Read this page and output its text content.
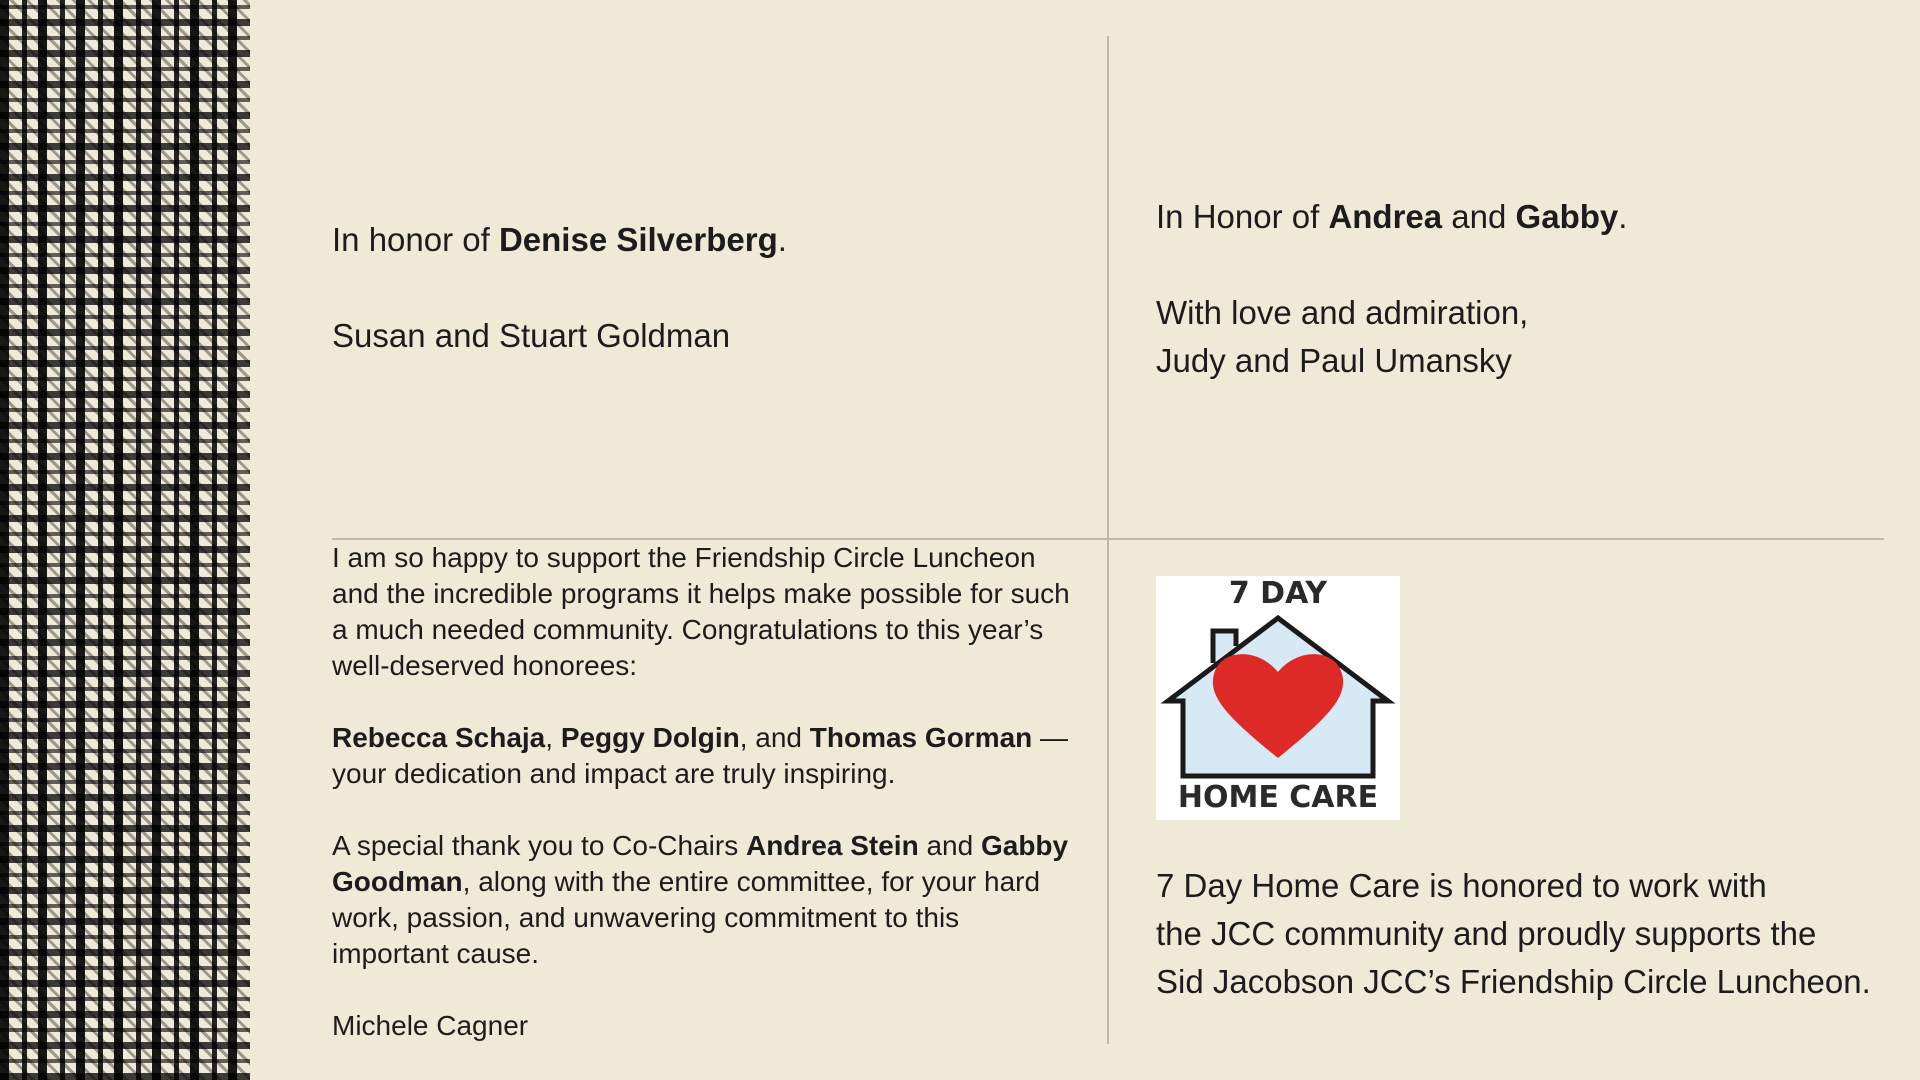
In honor of Denise Silverberg.

Susan and Stuart Goldman

In Honor of Andrea and Gabby.

With love and admiration,

Judy and Paul Umansky

I am so happy to support the Friendship Circle Luncheon and the incredible programs it helps make possible for such a much needed community. Congratulations to this year’s well-deserved honorees:

Rebecca Schaja, Peggy Dolgin, and Thomas Gorman — your dedication and impact are truly inspiring.

A special thank you to Co-Chairs Andrea Stein and Gabby Goodman, along with the entire committee, for your hard work, passion, and unwavering commitment to this important cause.

Michele Cagner

7 DAY
HOME CARE

7 Day Home Care is honored to work with

the JCC community and proudly supports the

Sid Jacobson JCC’s Friendship Circle Luncheon.
